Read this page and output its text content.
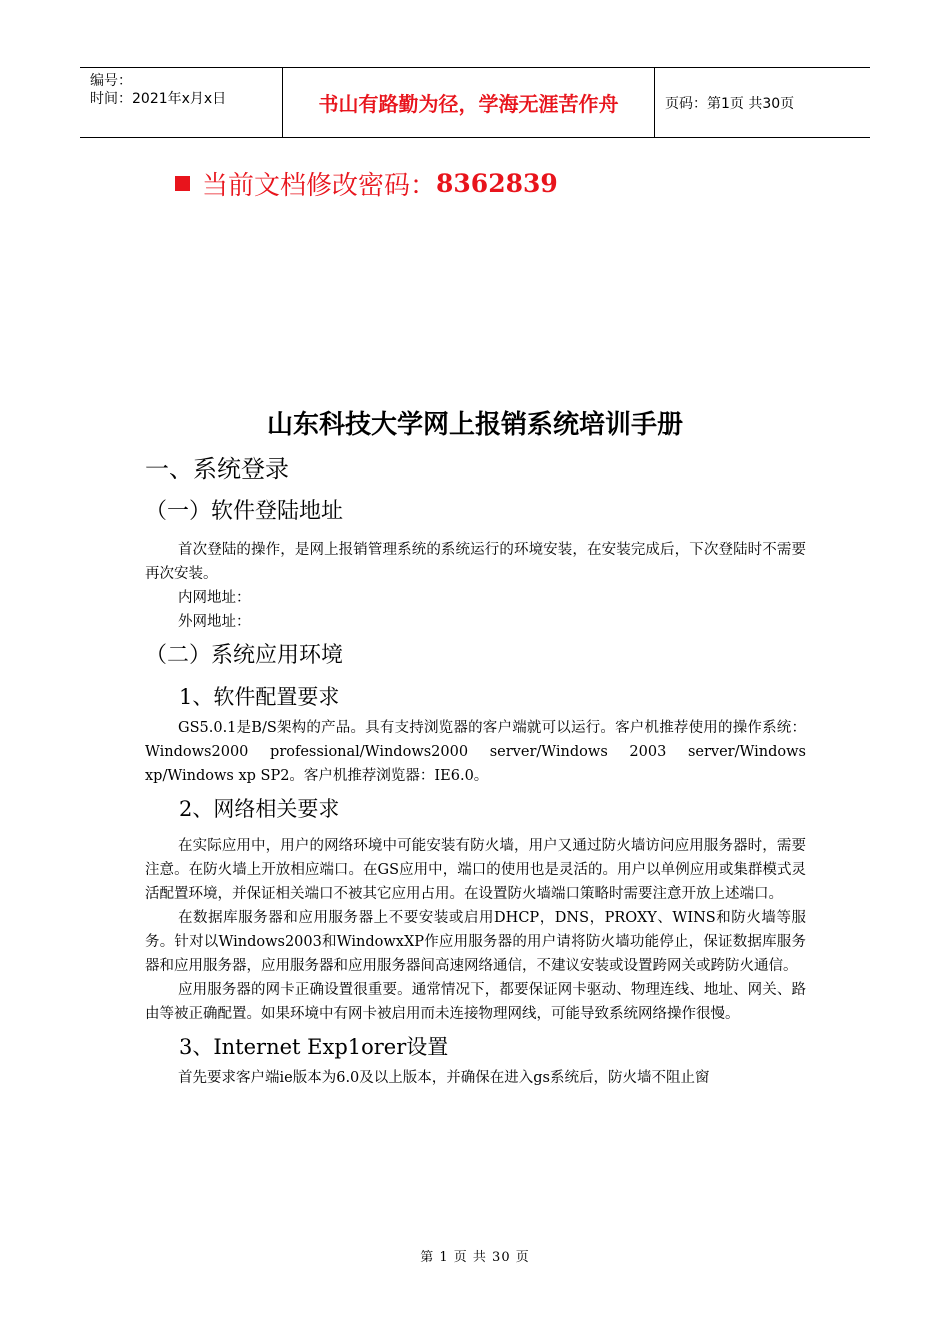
编号：
时间：2021年x月x日	书山有路勤为径，学海无涯苦作舟	页码：第1页 共30页
当前文档修改密码： 8362839
山东科技大学网上报销系统培训手册
一、系统登录
（一）软件登陆地址

首次登陆的操作，是网上报销管理系统的系统运行的环境安装，在安装完成后，下次登陆时不需要再次安装。

内网地址：

外网地址：

（二）系统应用环境
1、软件配置要求

GS5.0.1是B/S架构的产品。具有支持浏览器的客户端就可以运行。客户机推荐使用的操作系统：Windows2000 professional/Windows2000 server/Windows 2003 server/Windows xp/Windows xp SP2。客户机推荐浏览器：IE6.0。

2、网络相关要求

在实际应用中，用户的网络环境中可能安装有防火墙，用户又通过防火墙访问应用服务器时，需要注意。在防火墙上开放相应端口。在GS应用中，端口的使用也是灵活的。用户以单例应用或集群模式灵活配置环境，并保证相关端口不被其它应用占用。在设置防火墙端口策略时需要注意开放上述端口。

在数据库服务器和应用服务器上不要安装或启用DHCP，DNS，PROXY、WINS和防火墙等服务。针对以Windows2003和WindowxXP作应用服务器的用户请将防火墙功能停止，保证数据库服务器和应用服务器，应用服务器和应用服务器间高速网络通信，不建议安装或设置跨网关或跨防火通信。

应用服务器的网卡正确设置很重要。通常情况下，都要保证网卡驱动、物理连线、地址、网关、路由等被正确配置。如果环境中有网卡被启用而未连接物理网线，可能导致系统网络操作很慢。

3、Internet Exp1orer设置

首先要求客户端ie版本为6.0及以上版本，并确保在进入gs系统后，防火墙不阻止窗

第 1 页 共 30 页
